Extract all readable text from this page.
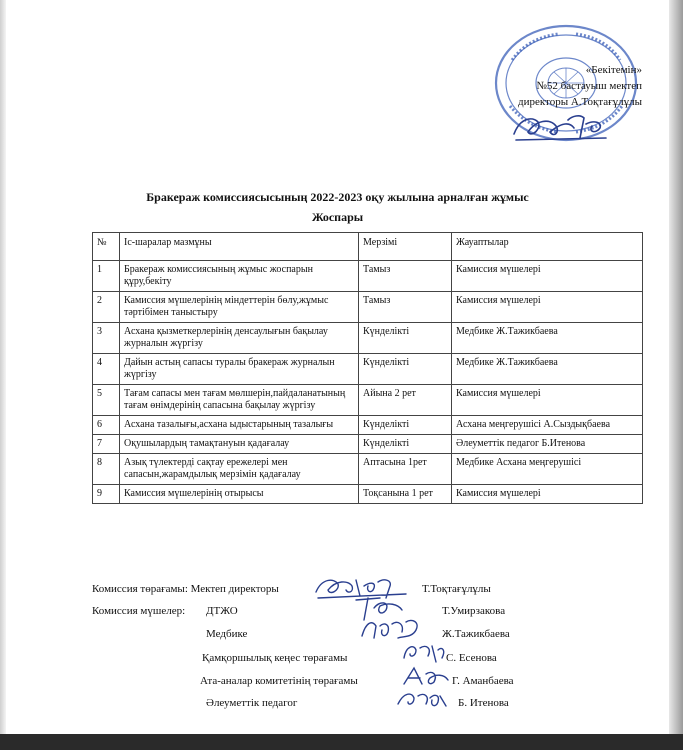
«Бекітемін»
№52 бастауыш мектеп
директоры А.Тоқтағұлұлы
Бракераж комиссиясысының 2022-2023 оқу жылына арналған жұмыс
Жоспары
№	Іс-шаралар мазмұны	Мерзімі	Жауаптылар
1	Бракераж комиссиясының жұмыс жоспарын құру,бекіту	Тамыз	Камиссия мүшелері
2	Камиссия мүшелерінің міндеттерін бөлу,жұмыс тәртібімен таныстыру	Тамыз	Камиссия мүшелері
3	Асхана қызметкерлерінің денсаулығын бақылау журналын жүргізу	Күнделікті	Медбике Ж.Тажикбаева
4	Дайын астың сапасы туралы бракераж журналын жүргізу	Күнделікті	Медбике Ж.Тажикбаева
5	Тағам сапасы мен тағам мөлшерін,пайдаланатының тағам өнімдерінің сапасына бақылау жүргізу	Айына 2 рет	Камиссия мүшелері
6	Асхана тазалығы,асхана ыдыстарының тазалығы	Күнделікті	Асхана меңгерушісі А.Сыздықбаева
7	Оқушылардың тамақтануын қадағалау	Күнделікті	Әлеуметтік педагог Б.Итенова
8	Азық түлектерді сақтау ережелері мен сапасын,жарамдылық мерзімін қадағалау	Аптасына 1рет	Медбике Асхана меңгерушісі
9	Камиссия мүшелерінің отырысы	Тоқсанына 1 рет	Камиссия мүшелері
Комиссия төрағамы: Мектеп директоры	Т.Тоқтағұлұлы
Комиссия мүшелер: ДТЖО	Т.Умирзакова
Медбике	Ж.Тажикбаева
Қамқоршылық кеңес төрағамы	С. Есенова
Ата-аналар комитетінің төрағамы	Г. Аманбаева
Әлеуметтік педагог	Б. Итенова
